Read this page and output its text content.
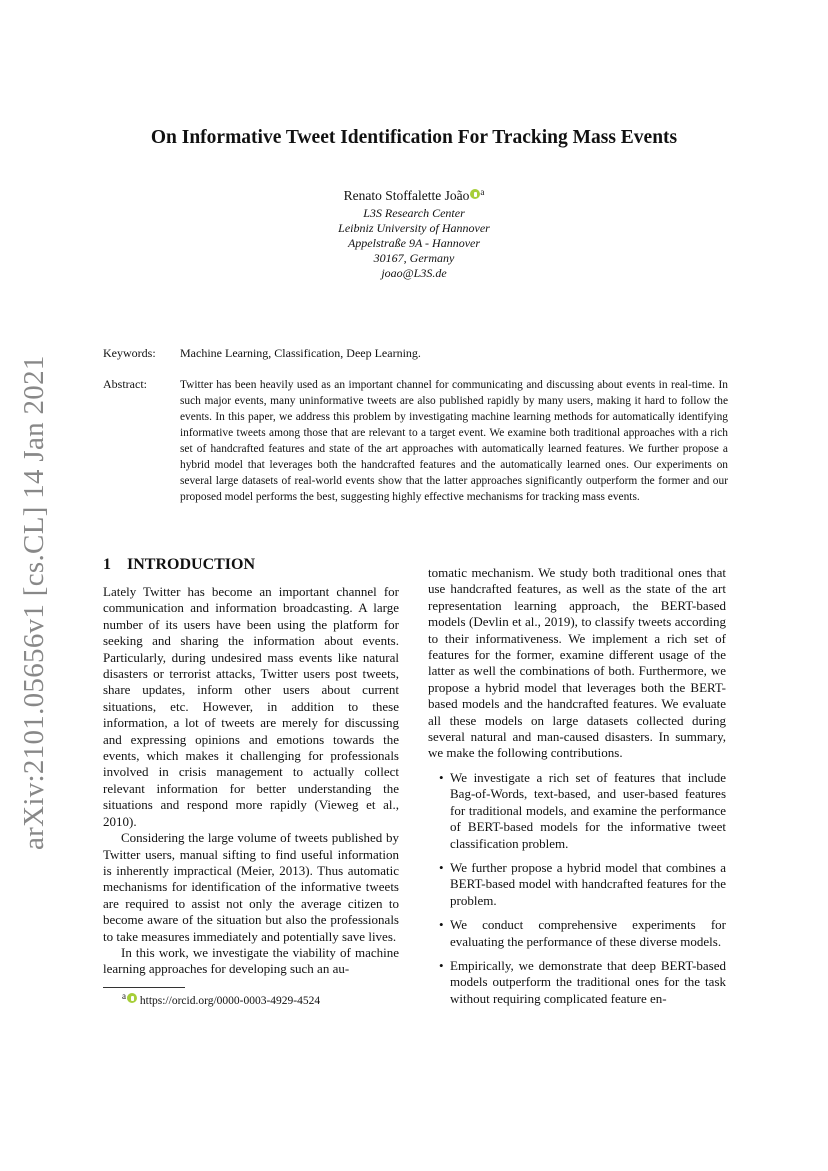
On Informative Tweet Identification For Tracking Mass Events
Renato Stoffalette João $^a$
L3S Research Center
Leibniz University of Hannover
Appelstraße 9A - Hannover
30167, Germany
joao@L3S.de
Keywords: Machine Learning, Classification, Deep Learning.
Abstract:	Twitter has been heavily used as an important channel for communicating and discussing about events in real-time. In such major events, many uninformative tweets are also published rapidly by many users, making it hard to follow the events. In this paper, we address this problem by investigating machine learning methods for automatically identifying informative tweets among those that are relevant to a target event. We examine both traditional approaches with a rich set of handcrafted features and state of the art approaches with automatically learned features. We further propose a hybrid model that leverages both the handcrafted features and the automatically learned ones. Our experiments on several large datasets of real-world events show that the latter approaches significantly outperform the former and our proposed model performs the best, suggesting highly effective mechanisms for tracking mass events.
arXiv:2101.05656v1 [cs.CL] 14 Jan 2021	1 INTRODUCTION

Lately Twitter has become an important channel for communication and information broadcasting. A large number of its users have been using the platform for seeking and sharing the information about events. Particularly, during undesired mass events like natural disasters or terrorist attacks, Twitter users post tweets, share updates, inform other users about current situations, etc. However, in addition to these information, a lot of tweets are merely for discussing and expressing opinions and emotions towards the events, which makes it challenging for professionals involved in crisis management to actually collect relevant information for better understanding the situations and respond more rapidly (Vieweg et al., 2010).

Considering the large volume of tweets published by Twitter users, manual sifting to find useful information is inherently impractical (Meier, 2013). Thus automatic mechanisms for identification of the informative tweets are required to assist not only the average citizen to become aware of the situation but also the professionals to take measures immediately and potentially save lives.

In this work, we investigate the viability of machine learning approaches for developing such an au-

tomatic mechanism. We study both traditional ones that use handcrafted features, as well as the state of the art representation learning approach, the BERT-based models (Devlin et al., 2019), to classify tweets according to their informativeness. We implement a rich set of features for the former, examine different usage of the latter as well the combinations of both. Furthermore, we propose a hybrid model that leverages both the BERT-based models and the handcrafted features. We evaluate all these models on large datasets collected during several natural and man-caused disasters. In summary, we make the following contributions.

• We investigate a rich set of features that include Bag-of-Words, text-based, and user-based features for traditional models, and examine the performance of BERT-based models for the informative tweet classification problem.
• We further propose a hybrid model that combines a BERT-based model with handcrafted features for the problem.
• We conduct comprehensive experiments for evaluating the performance of these diverse models.
• Empirically, we demonstrate that deep BERT-based models outperform the traditional ones for the task without requiring complicated feature en-
$^a$ https://orcid.org/0000-0003-4929-4524
